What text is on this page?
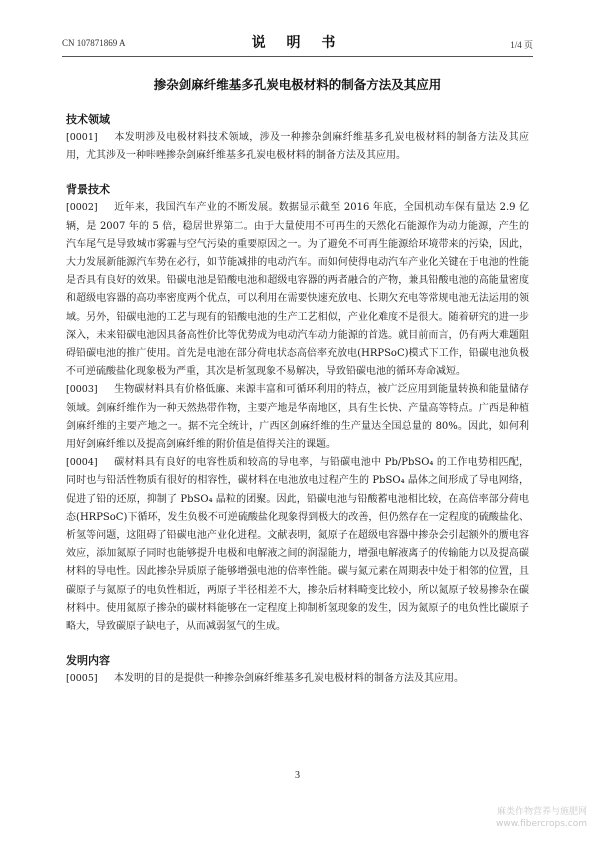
CN 107871869 A	说 明 书	1/4 页
掺杂剑麻纤维基多孔炭电极材料的制备方法及其应用
技术领域

[0001] 本发明涉及电极材料技术领域，涉及一种掺杂剑麻纤维基多孔炭电极材料的制备方法及其应用，尤其涉及一种咔唑掺杂剑麻纤维基多孔炭电极材料的制备方法及其应用。

背景技术

[0002] 近年来，我国汽车产业的不断发展。数据显示截至 2016 年底，全国机动车保有量达 2.9 亿辆，是 2007 年的 5 倍，稳居世界第二。由于大量使用不可再生的天然化石能源作为动力能源，产生的汽车尾气是导致城市雾霾与空气污染的重要原因之一。为了避免不可再生能源给环境带来的污染，因此，大力发展新能源汽车势在必行，如节能减排的电动汽车。而如何使得电动汽车产业化关键在于电池的性能是否具有良好的效果。铅碳电池是铅酸电池和超级电容器的两者融合的产物，兼具铅酸电池的高能量密度和超级电容器的高功率密度两个优点，可以利用在需要快速充放电、长期欠充电等常规电池无法运用的领域。另外，铅碳电池的工艺与现有的铅酸电池的生产工艺相似，产业化难度不是很大。随着研究的进一步深入，未来铅碳电池因具备高性价比等优势成为电动汽车动力能源的首选。就目前而言，仍有两大难题阻碍铅碳电池的推广使用。首先是电池在部分荷电状态高倍率充放电(HRPSoC)模式下工作，铅碳电池负极不可逆硫酸盐化现象极为严重，其次是析氢现象不易解决，导致铅碳电池的循环寿命减短。

[0003] 生物碳材料具有价格低廉、来源丰富和可循环利用的特点，被广泛应用到能量转换和能量储存领域。剑麻纤维作为一种天然热带作物，主要产地是华南地区，具有生长快、产量高等特点。广西是种植剑麻纤维的主要产地之一。据不完全统计，广西区剑麻纤维的生产量达全国总量的 80%。因此，如何利用好剑麻纤维以及提高剑麻纤维的附价值是值得关注的课题。

[0004] 碳材料具有良好的电容性质和较高的导电率，与铅碳电池中 Pb/PbSO₄ 的工作电势相匹配，同时也与铅活性物质有很好的相容性，碳材料在电池放电过程产生的 PbSO₄ 晶体之间形成了导电网络，促进了铅的还原，抑制了 PbSO₄ 晶粒的团聚。因此，铅碳电池与铅酸蓄电池相比较，在高倍率部分荷电态(HRPSoC)下循环，发生负极不可逆硫酸盐化现象得到极大的改善，但仍然存在一定程度的硫酸盐化、析氢等问题，这阻碍了铅碳电池产业化进程。文献表明，氮原子在超级电容器中掺杂会引起额外的赝电容效应，添加氮原子同时也能够提升电极和电解液之间的润湿能力，增强电解液离子的传输能力以及提高碳材料的导电性。因此掺杂异质原子能够增强电池的倍率性能。碳与氮元素在周期表中处于相邻的位置，且碳原子与氮原子的电负性相近，两原子半径相差不大，掺杂后材料畸变比较小，所以氮原子较易掺杂在碳材料中。使用氮原子掺杂的碳材料能够在一定程度上抑制析氢现象的发生，因为氮原子的电负性比碳原子略大，导致碳原子缺电子，从而减弱氢气的生成。

发明内容

[0005] 本发明的目的是提供一种掺杂剑麻纤维基多孔炭电极材料的制备方法及其应用。

3
麻类作物营养与施肥网
www.fibercrops.com
